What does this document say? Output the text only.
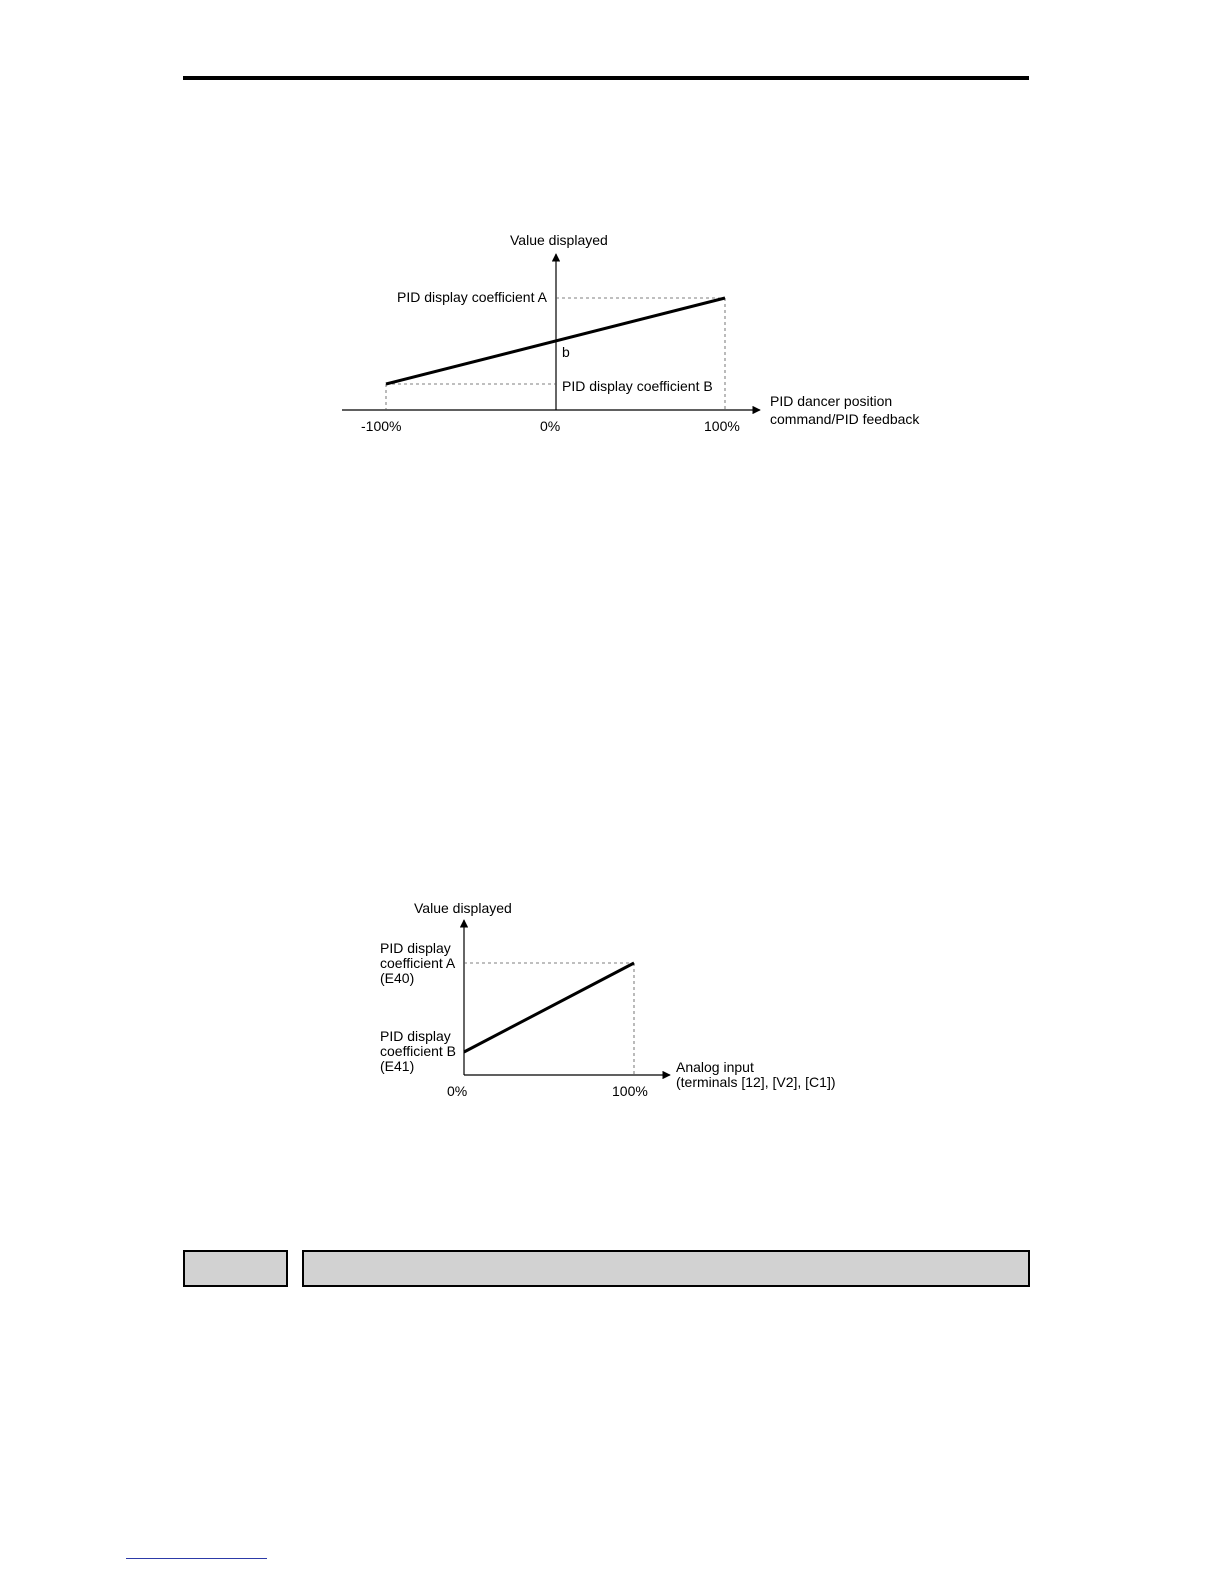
Value displayed
PID display coefficient A
b
PID display coefficient B
PID dancer position
command/PID feedback
-100%	0%	100%
Value displayed
PID display
coefficient A
(E40)
PID display
coefficient B
(E41)	Analog input
(terminals [12], [V2], [C1])
0%	100%
